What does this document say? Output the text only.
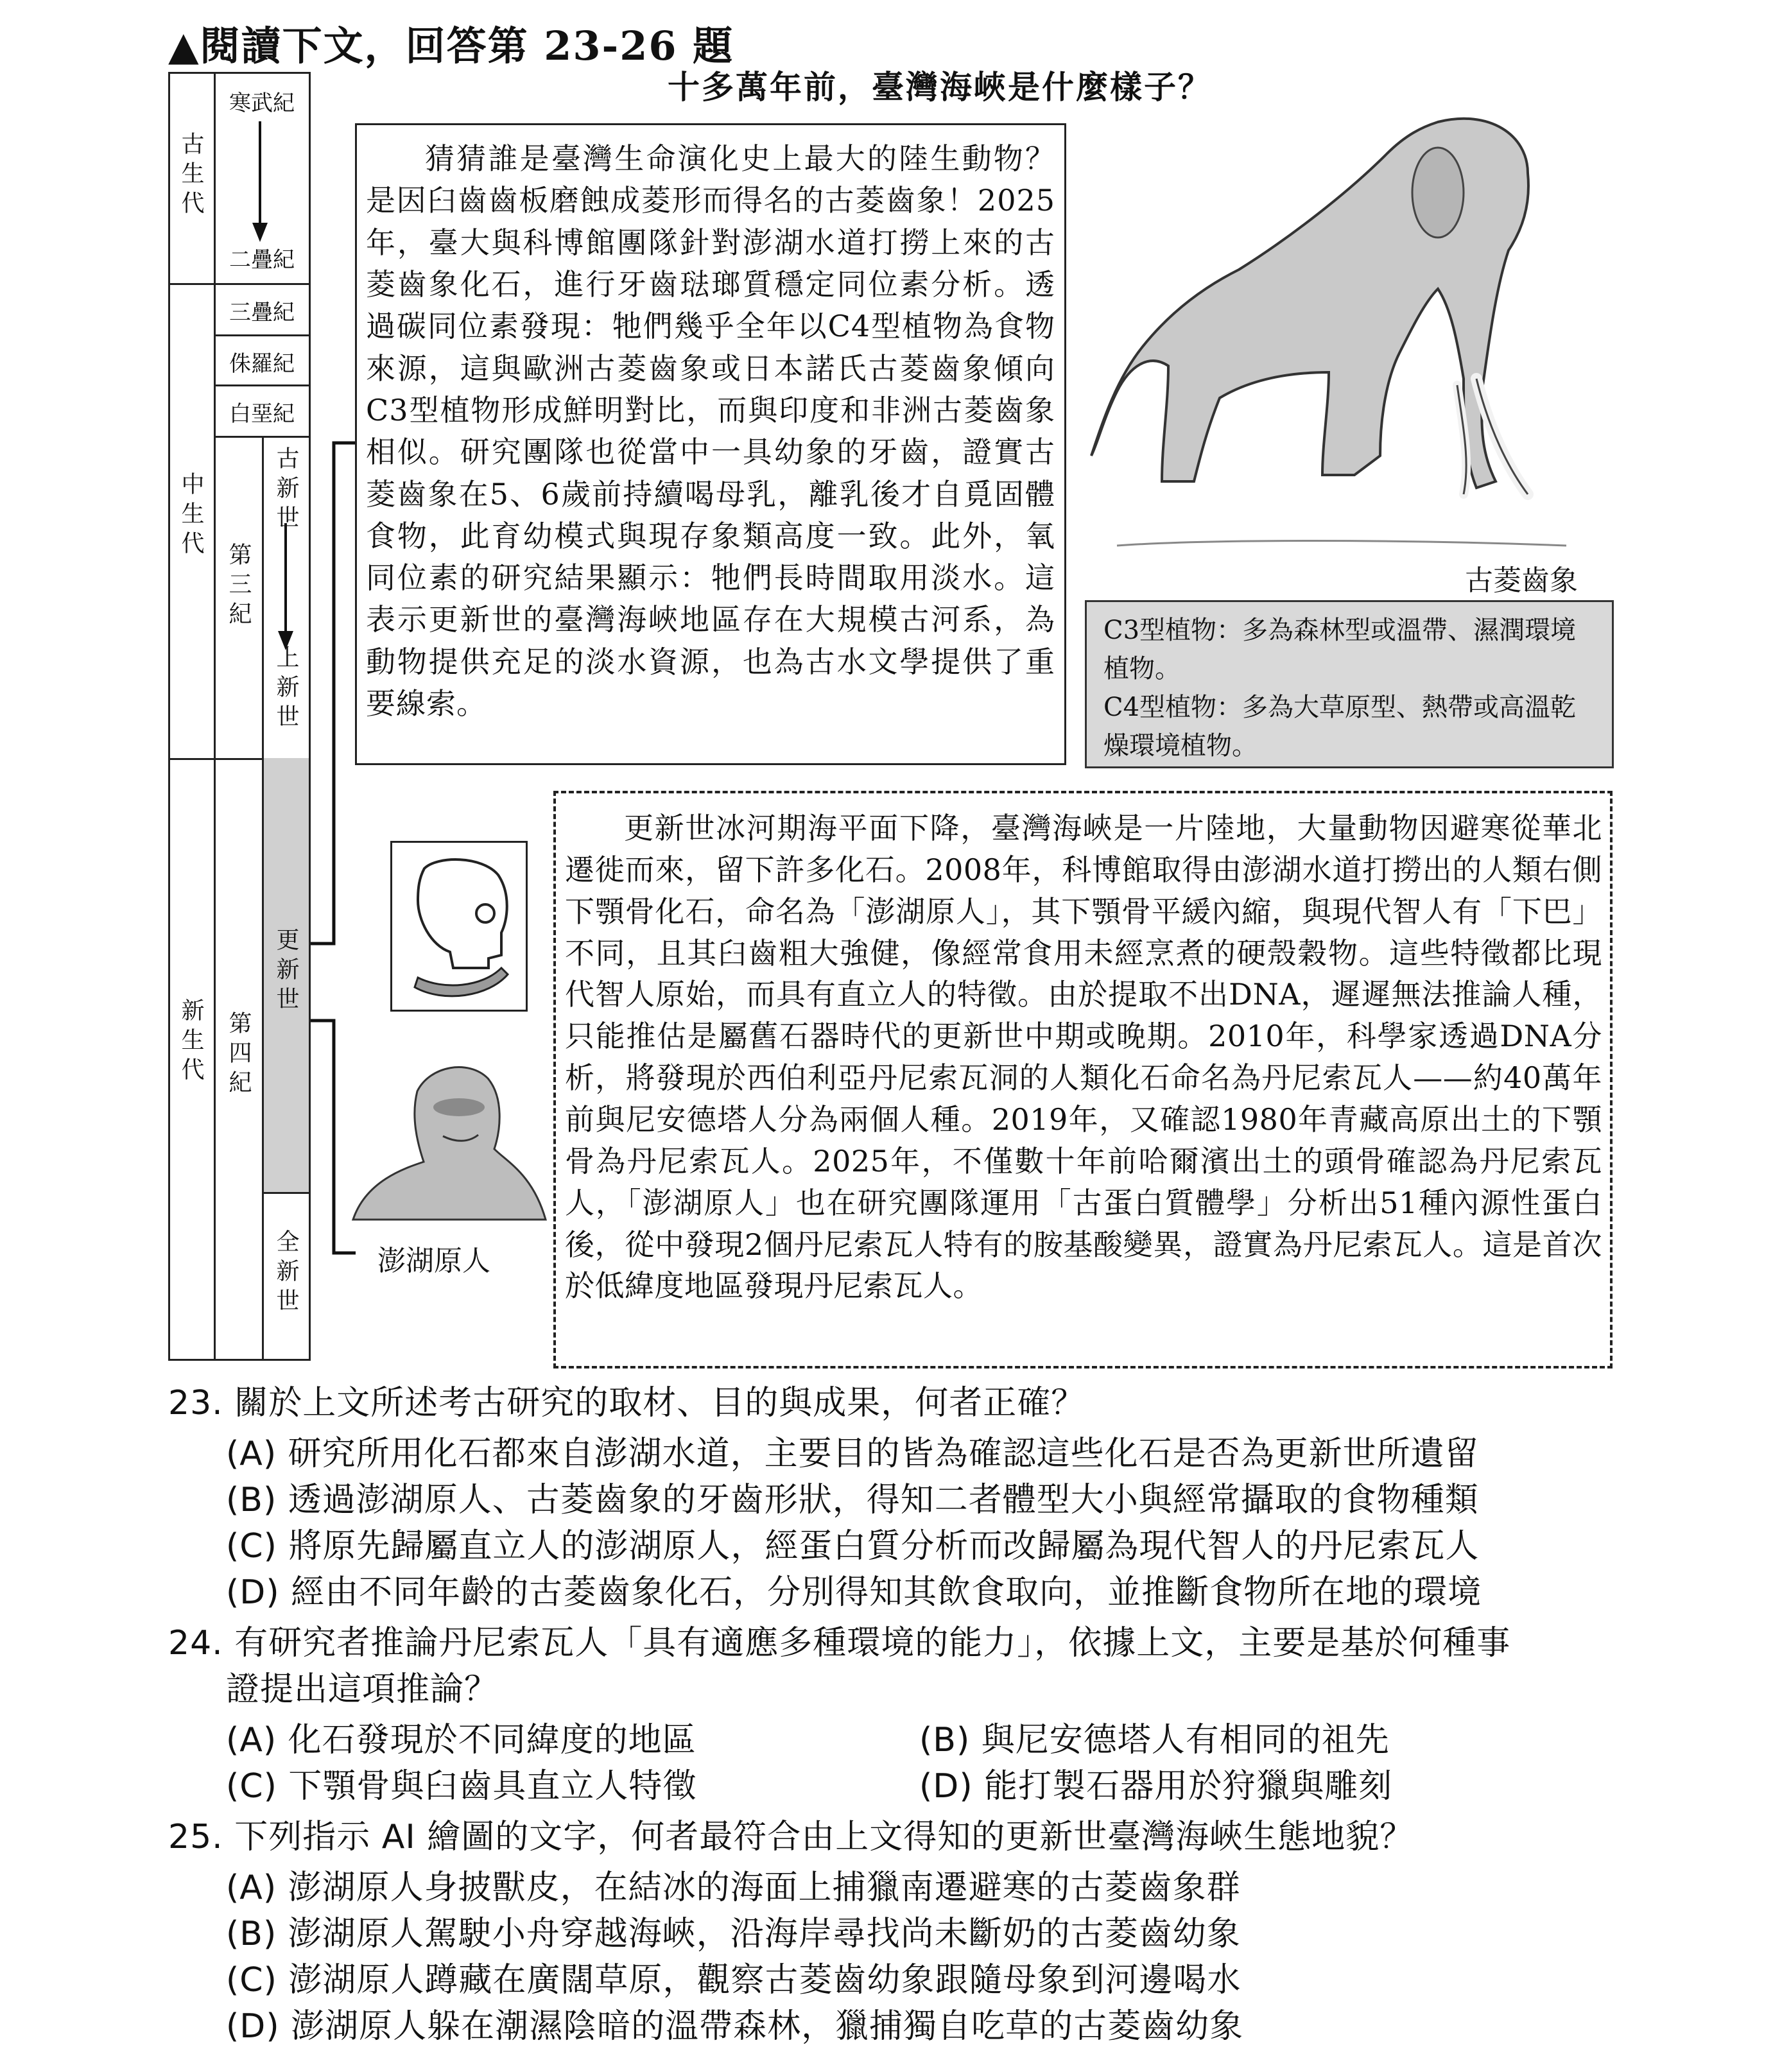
▲閱讀下文，回答第 23-26 題
十多萬年前，臺灣海峽是什麼樣子？
古生代
中生代
新生代
寒武紀
二疊紀
三疊紀
侏羅紀
白堊紀
第三紀
第四紀
古新世
上新世
更新世
全新世
猜猜誰是臺灣生命演化史上最大的陸生動物？是因臼齒齒板磨蝕成菱形而得名的古菱齒象！2025年，臺大與科博館團隊針對澎湖水道打撈上來的古菱齒象化石，進行牙齒琺瑯質穩定同位素分析。透過碳同位素發現：牠們幾乎全年以C4型植物為食物來源，這與歐洲古菱齒象或日本諾氏古菱齒象傾向C3型植物形成鮮明對比，而與印度和非洲古菱齒象相似。研究團隊也從當中一具幼象的牙齒，證實古菱齒象在5、6歲前持續喝母乳，離乳後才自覓固體食物，此育幼模式與現存象類高度一致。此外，氧同位素的研究結果顯示：牠們長時間取用淡水。這表示更新世的臺灣海峽地區存在大規模古河系，為動物提供充足的淡水資源，也為古水文學提供了重要線索。
古菱齒象
C3型植物：多為森林型或溫帶、濕潤環境植物。
C4型植物：多為大草原型、熱帶或高溫乾燥環境植物。
澎湖原人
更新世冰河期海平面下降，臺灣海峽是一片陸地，大量動物因避寒從華北遷徙而來，留下許多化石。2008年，科博館取得由澎湖水道打撈出的人類右側下顎骨化石，命名為「澎湖原人」，其下顎骨平緩內縮，與現代智人有「下巴」不同，且其臼齒粗大強健，像經常食用未經烹煮的硬殼穀物。這些特徵都比現代智人原始，而具有直立人的特徵。由於提取不出DNA，遲遲無法推論人種，只能推估是屬舊石器時代的更新世中期或晚期。2010年，科學家透過DNA分析，將發現於西伯利亞丹尼索瓦洞的人類化石命名為丹尼索瓦人——約40萬年前與尼安德塔人分為兩個人種。2019年，又確認1980年青藏高原出土的下顎骨為丹尼索瓦人。2025年，不僅數十年前哈爾濱出土的頭骨確認為丹尼索瓦人，「澎湖原人」也在研究團隊運用「古蛋白質體學」分析出51種內源性蛋白後，從中發現2個丹尼索瓦人特有的胺基酸變異，證實為丹尼索瓦人。這是首次於低緯度地區發現丹尼索瓦人。
23. 關於上文所述考古研究的取材、目的與成果，何者正確？
(A) 研究所用化石都來自澎湖水道，主要目的皆為確認這些化石是否為更新世所遺留
(B) 透過澎湖原人、古菱齒象的牙齒形狀，得知二者體型大小與經常攝取的食物種類
(C) 將原先歸屬直立人的澎湖原人，經蛋白質分析而改歸屬為現代智人的丹尼索瓦人
(D) 經由不同年齡的古菱齒象化石，分別得知其飲食取向，並推斷食物所在地的環境
24. 有研究者推論丹尼索瓦人「具有適應多種環境的能力」，依據上文，主要是基於何種事
證提出這項推論？
(A) 化石發現於不同緯度的地區	(B) 與尼安德塔人有相同的祖先
(C) 下顎骨與臼齒具直立人特徵	(D) 能打製石器用於狩獵與雕刻
25. 下列指示 AI 繪圖的文字，何者最符合由上文得知的更新世臺灣海峽生態地貌？
(A) 澎湖原人身披獸皮，在結冰的海面上捕獵南遷避寒的古菱齒象群
(B) 澎湖原人駕駛小舟穿越海峽，沿海岸尋找尚未斷奶的古菱齒幼象
(C) 澎湖原人蹲藏在廣闊草原，觀察古菱齒幼象跟隨母象到河邊喝水
(D) 澎湖原人躲在潮濕陰暗的溫帶森林，獵捕獨自吃草的古菱齒幼象
